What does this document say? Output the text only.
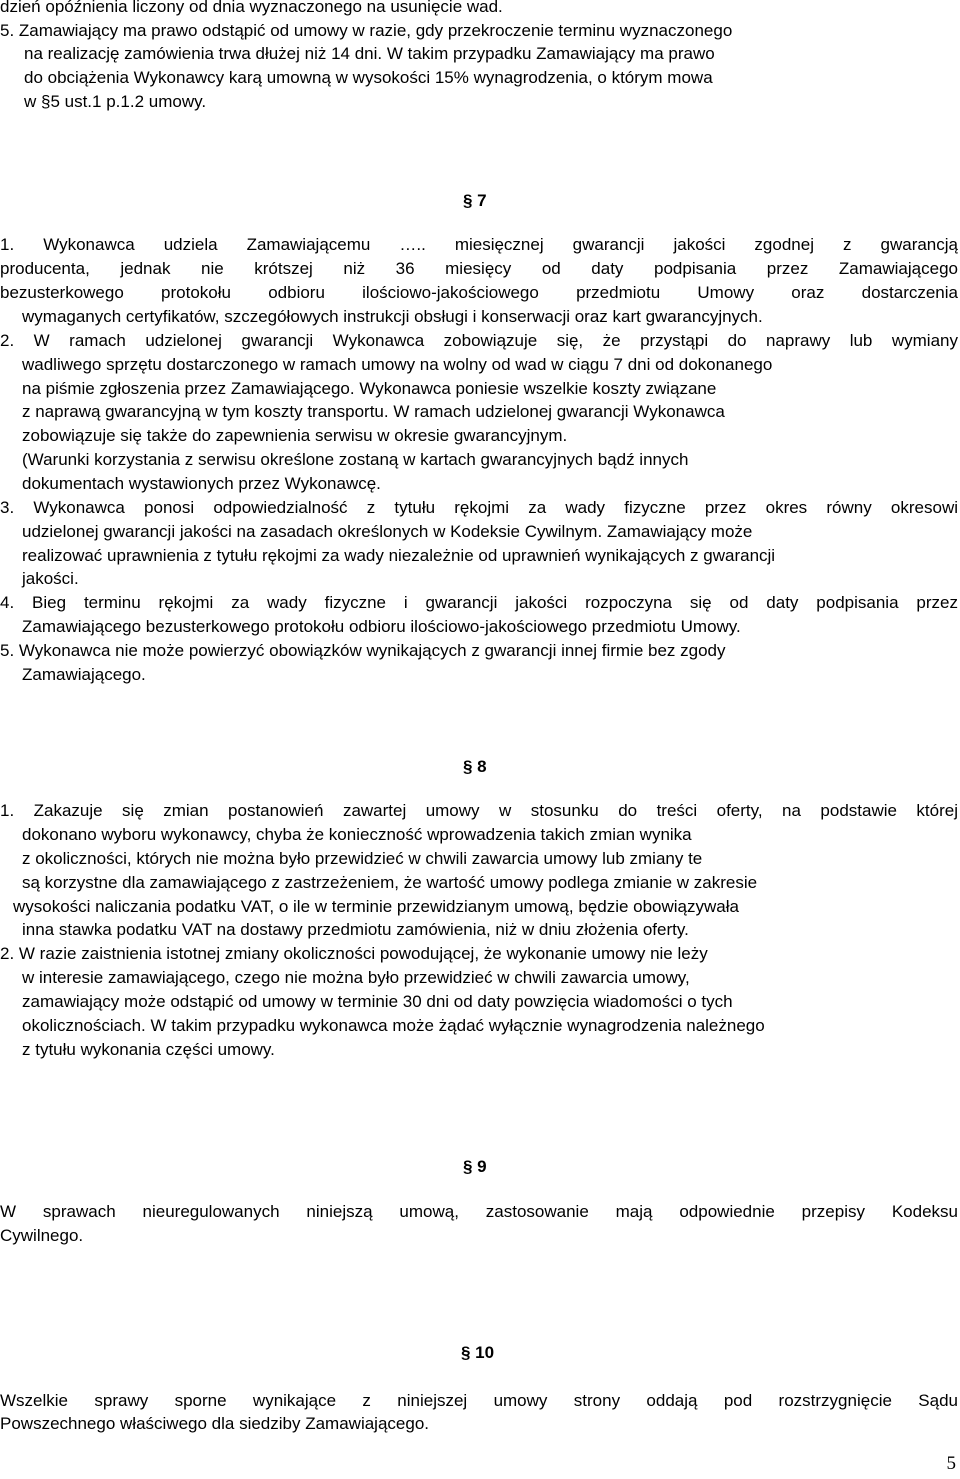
dzień opóźnienia liczony od dnia wyznaczonego na usunięcie wad.
5. Zamawiający ma prawo odstąpić od umowy w razie, gdy przekroczenie terminu wyznaczonego
na realizację zamówienia trwa dłużej niż 14 dni. W takim przypadku Zamawiający ma prawo
do obciążenia Wykonawcy karą umowną w wysokości 15% wynagrodzenia, o którym mowa
w §5 ust.1 p.1.2 umowy.
§ 7
1. Wykonawca udziela Zamawiającemu ….. miesięcznej gwarancji jakości zgodnej z gwarancją
producenta, jednak nie krótszej niż 36 miesięcy od daty podpisania przez Zamawiającego
bezusterkowego protokołu odbioru ilościowo-jakościowego przedmiotu Umowy oraz dostarczenia
wymaganych certyfikatów, szczegółowych instrukcji obsługi i konserwacji oraz kart gwarancyjnych.
2. W ramach udzielonej gwarancji Wykonawca zobowiązuje się, że przystąpi do naprawy lub wymiany
wadliwego sprzętu dostarczonego w ramach umowy na wolny od wad w ciągu 7 dni od dokonanego
na piśmie zgłoszenia przez Zamawiającego. Wykonawca poniesie wszelkie koszty związane
z naprawą gwarancyjną w tym koszty transportu. W ramach udzielonej gwarancji Wykonawca
zobowiązuje się także do zapewnienia serwisu w okresie gwarancyjnym.
(Warunki korzystania z serwisu określone zostaną w kartach gwarancyjnych bądź innych
dokumentach wystawionych przez Wykonawcę.
3. Wykonawca ponosi odpowiedzialność z tytułu rękojmi za wady fizyczne przez okres równy okresowi
udzielonej gwarancji jakości na zasadach określonych w Kodeksie Cywilnym. Zamawiający może
realizować uprawnienia z tytułu rękojmi za wady niezależnie od uprawnień wynikających z gwarancji
jakości.
4. Bieg terminu rękojmi za wady fizyczne i gwarancji jakości rozpoczyna się od daty podpisania przez
Zamawiającego bezusterkowego protokołu odbioru ilościowo-jakościowego przedmiotu Umowy.
5. Wykonawca nie może powierzyć obowiązków wynikających z gwarancji innej firmie bez zgody
Zamawiającego.
§ 8
1. Zakazuje się zmian postanowień zawartej umowy w stosunku do treści oferty, na podstawie której
dokonano wyboru wykonawcy, chyba że konieczność wprowadzenia takich zmian wynika
z okoliczności, których nie można było przewidzieć w chwili zawarcia umowy lub zmiany te
są korzystne dla zamawiającego z zastrzeżeniem, że wartość umowy podlega zmianie w zakresie
wysokości naliczania podatku VAT, o ile w terminie przewidzianym umową, będzie obowiązywała
inna stawka podatku VAT na dostawy przedmiotu zamówienia, niż w dniu złożenia oferty.
2. W razie zaistnienia istotnej zmiany okoliczności powodującej, że wykonanie umowy nie leży
w interesie zamawiającego, czego nie można było przewidzieć w chwili zawarcia umowy,
zamawiający może odstąpić od umowy w terminie 30 dni od daty powzięcia wiadomości o tych
okolicznościach. W takim przypadku wykonawca może żądać wyłącznie wynagrodzenia należnego
z tytułu wykonania części umowy.
§ 9
W sprawach nieuregulowanych niniejszą umową, zastosowanie mają odpowiednie przepisy Kodeksu
Cywilnego.
§ 10
Wszelkie sprawy sporne wynikające z niniejszej umowy strony oddają pod rozstrzygnięcie Sądu
Powszechnego właściwego dla siedziby Zamawiającego.
5
